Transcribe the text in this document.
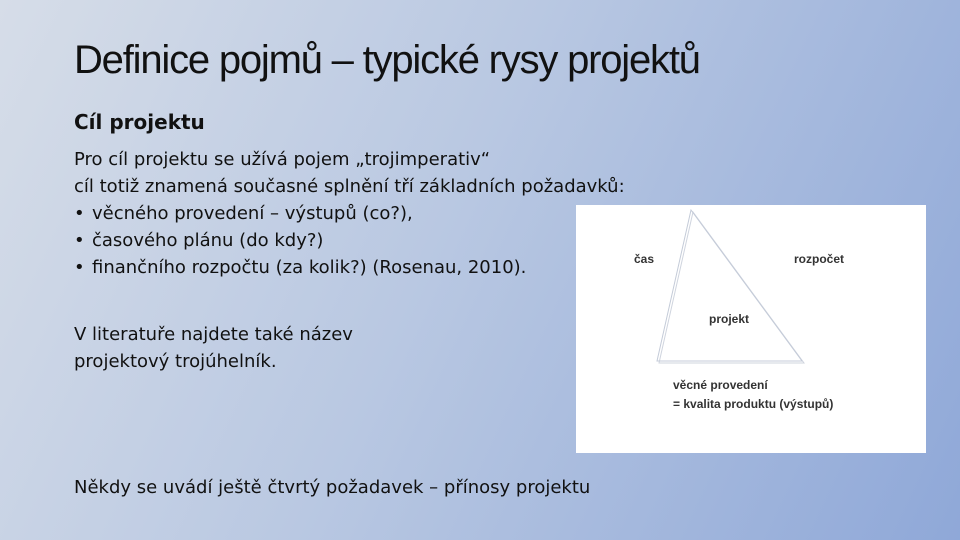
Definice pojmů – typické rysy projektů
Cíl projektu
Pro cíl projektu se užívá pojem „trojimperativ“
cíl totiž znamená současné splnění tří základních požadavků:
• věcného provedení – výstupů (co?),
• časového plánu (do kdy?)
• finančního rozpočtu (za kolik?) (Rosenau, 2010).
V literatuře najdete také název
projektový trojúhelník.
čas	rozpočet
projekt
věcné provedení
= kvalita produktu (výstupů)
Někdy se uvádí ještě čtvrtý požadavek – přínosy projektu
